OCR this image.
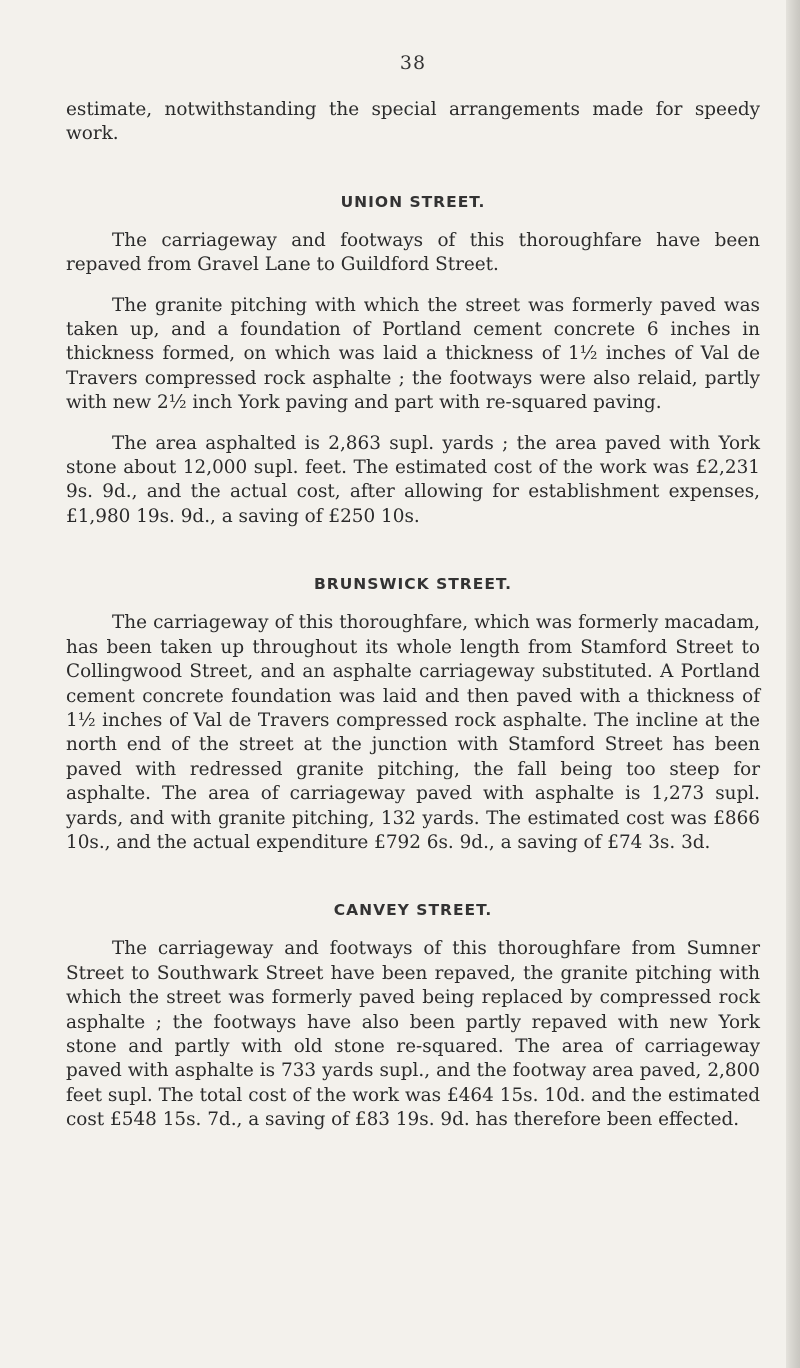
38

estimate, notwithstanding the special arrangements made for speedy work.

UNION STREET.

The carriageway and footways of this thoroughfare have been repaved from Gravel Lane to Guildford Street.

The granite pitching with which the street was formerly paved was taken up, and a foundation of Portland cement concrete 6 inches in thickness formed, on which was laid a thickness of 1½ inches of Val de Travers compressed rock asphalte ; the footways were also relaid, partly with new 2½ inch York paving and part with re-squared paving.

The area asphalted is 2,863 supl. yards ; the area paved with York stone about 12,000 supl. feet. The estimated cost of the work was £2,231 9s. 9d., and the actual cost, after allowing for establishment expenses, £1,980 19s. 9d., a saving of £250 10s.

BRUNSWICK STREET.

The carriageway of this thoroughfare, which was formerly macadam, has been taken up throughout its whole length from Stamford Street to Collingwood Street, and an asphalte carriageway substituted. A Portland cement concrete foundation was laid and then paved with a thickness of 1½ inches of Val de Travers compressed rock asphalte. The incline at the north end of the street at the junction with Stamford Street has been paved with redressed granite pitching, the fall being too steep for asphalte. The area of carriageway paved with asphalte is 1,273 supl. yards, and with granite pitching, 132 yards. The estimated cost was £866 10s., and the actual expenditure £792 6s. 9d., a saving of £74 3s. 3d.

CANVEY STREET.

The carriageway and footways of this thoroughfare from Sumner Street to Southwark Street have been repaved, the granite pitching with which the street was formerly paved being replaced by compressed rock asphalte ; the footways have also been partly repaved with new York stone and partly with old stone re-squared. The area of carriageway paved with asphalte is 733 yards supl., and the footway area paved, 2,800 feet supl. The total cost of the work was £464 15s. 10d. and the estimated cost £548 15s. 7d., a saving of £83 19s. 9d. has therefore been effected.
